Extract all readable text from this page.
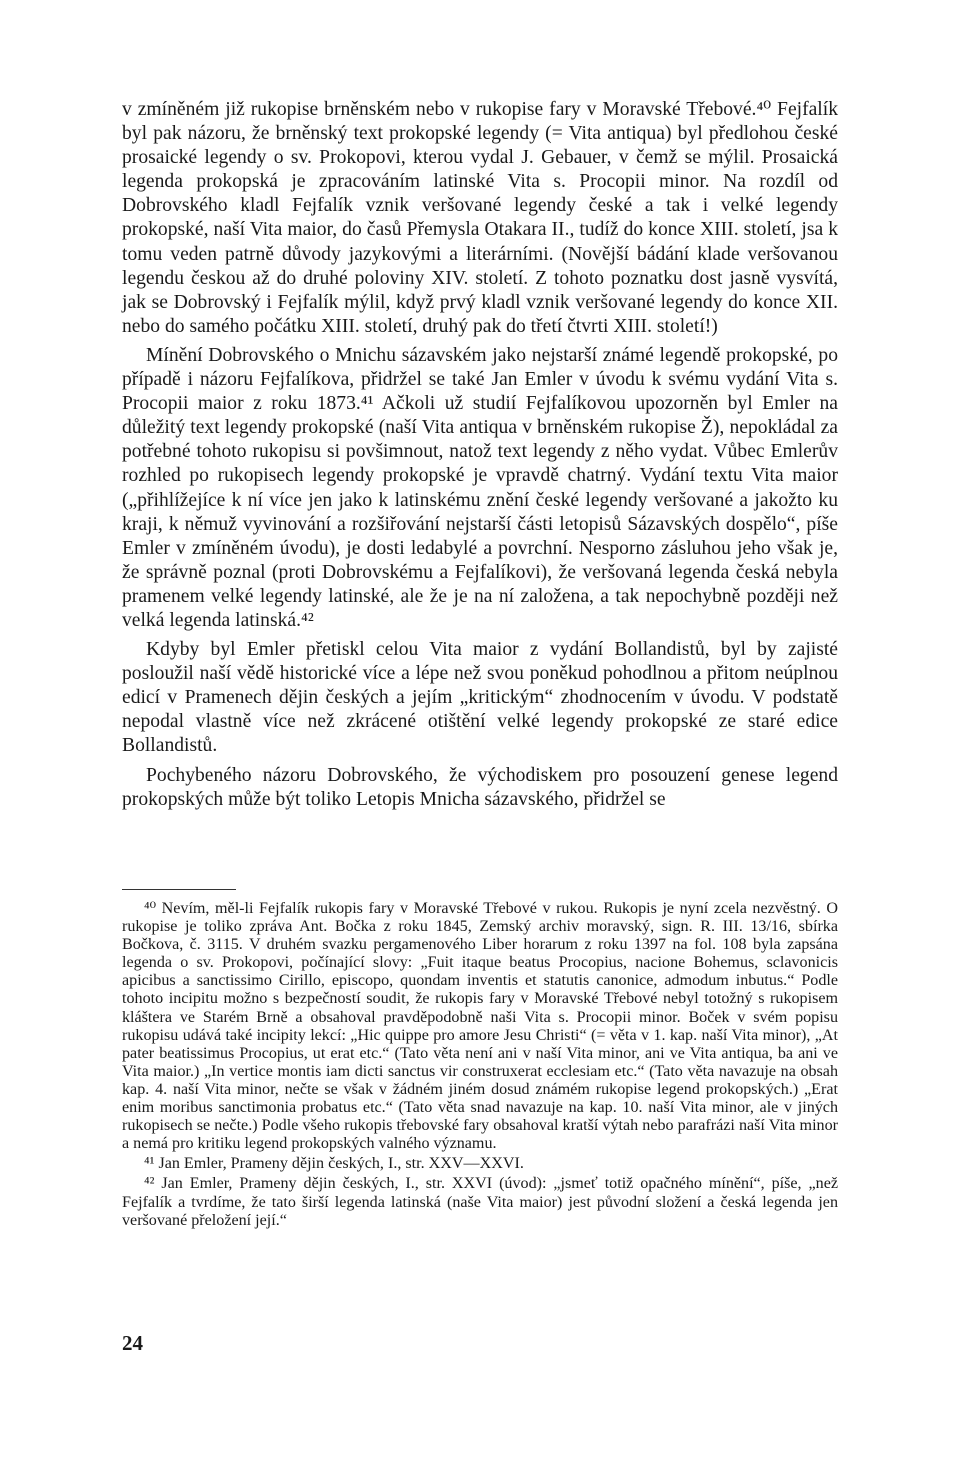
v zmíněném již rukopise brněnském nebo v rukopise fary v Moravské Třebové.⁴⁰ Fejfalík byl pak názoru, že brněnský text prokopské legendy (= Vita antiqua) byl předlohou české prosaické legendy o sv. Prokopovi, kterou vydal J. Gebauer, v čemž se mýlil. Prosaická legenda prokopská je zpracováním latinské Vita s. Procopii minor. Na rozdíl od Dobrovského kladl Fejfalík vznik veršované legendy české a tak i velké legendy prokopské, naší Vita maior, do časů Přemysla Otakara II., tudíž do konce XIII. století, jsa k tomu veden patrně důvody jazykovými a literárními. (Novější bádání klade veršovanou legendu českou až do druhé poloviny XIV. století. Z tohoto poznatku dost jasně vysvítá, jak se Dobrovský i Fejfalík mýlil, když prvý kladl vznik veršované legendy do konce XII. nebo do samého počátku XIII. století, druhý pak do třetí čtvrti XIII. století!)

Mínění Dobrovského o Mnichu sázavském jako nejstarší známé legendě prokopské, po případě i názoru Fejfalíkova, přidržel se také Jan Emler v úvodu k svému vydání Vita s. Procopii maior z roku 1873.⁴¹ Ačkoli už studií Fejfalíkovou upozorněn byl Emler na důležitý text legendy prokopské (naší Vita antiqua v brněnském rukopise Ž), nepokládal za potřebné tohoto rukopisu si povšimnout, natož text legendy z něho vydat. Vůbec Emlerův rozhled po rukopisech legendy prokopské je vpravdě chatrný. Vydání textu Vita maior („přihlížejíce k ní více jen jako k latinskému znění české legendy veršované a jakožto ku kraji, k němuž vyvinování a rozšiřování nejstarší části letopisů Sázavských dospělo“, píše Emler v zmíněném úvodu), je dosti ledabylé a povrchní. Nesporno zásluhou jeho však je, že správně poznal (proti Dobrovskému a Fejfalíkovi), že veršovaná legenda česká nebyla pramenem velké legendy latinské, ale že je na ní založena, a tak nepochybně později než velká legenda latinská.⁴²

Kdyby byl Emler přetiskl celou Vita maior z vydání Bollandistů, byl by zajisté posloužil naší vědě historické více a lépe než svou poněkud pohodlnou a přitom neúplnou edicí v Pramenech dějin českých a jejím „kritickým“ zhodnocením v úvodu. V podstatě nepodal vlastně více než zkrácené otištění velké legendy prokopské ze staré edice Bollandistů.

Pochybeného názoru Dobrovského, že východiskem pro posouzení genese legend prokopských může být toliko Letopis Mnicha sázavského, přidržel se

⁴⁰ Nevím, měl-li Fejfalík rukopis fary v Moravské Třebové v rukou. Rukopis je nyní zcela nezvěstný. O rukopise je toliko zpráva Ant. Bočka z roku 1845, Zemský archiv moravský, sign. R. III. 13/16, sbírka Bočkova, č. 3115. V druhém svazku pergamenového Liber horarum z roku 1397 na fol. 108 byla zapsána legenda o sv. Prokopovi, počínající slovy: „Fuit itaque beatus Procopius, nacione Bohemus, sclavonicis apicibus a sanctissimo Cirillo, episcopo, quondam inventis et statutis canonice, admodum inbutus.“ Podle tohoto incipitu možno s bezpečností soudit, že rukopis fary v Moravské Třebové nebyl totožný s rukopisem kláštera ve Starém Brně a obsahoval pravděpodobně naši Vita s. Procopii minor. Boček v svém popisu rukopisu udává také incipity lekcí: „Hic quippe pro amore Jesu Christi“ (= věta v 1. kap. naší Vita minor), „At pater beatissimus Procopius, ut erat etc.“ (Tato věta není ani v naší Vita minor, ani ve Vita antiqua, ba ani ve Vita maior.) „In vertice montis iam dicti sanctus vir construxerat ecclesiam etc.“ (Tato věta navazuje na obsah kap. 4. naší Vita minor, nečte se však v žádném jiném dosud známém rukopise legend prokopských.) „Erat enim moribus sanctimonia probatus etc.“ (Tato věta snad navazuje na kap. 10. naší Vita minor, ale v jiných rukopisech se nečte.) Podle všeho rukopis třebovské fary obsahoval kratší výtah nebo parafrázi naší Vita minor a nemá pro kritiku legend prokopských valného významu.

⁴¹ Jan Emler, Prameny dějin českých, I., str. XXV—XXVI.

⁴² Jan Emler, Prameny dějin českých, I., str. XXVI (úvod): „jsmeť totiž opačného mínění“, píše, „než Fejfalík a tvrdíme, že tato širší legenda latinská (naše Vita maior) jest původní složení a česká legenda jen veršované přeložení její.“

24
